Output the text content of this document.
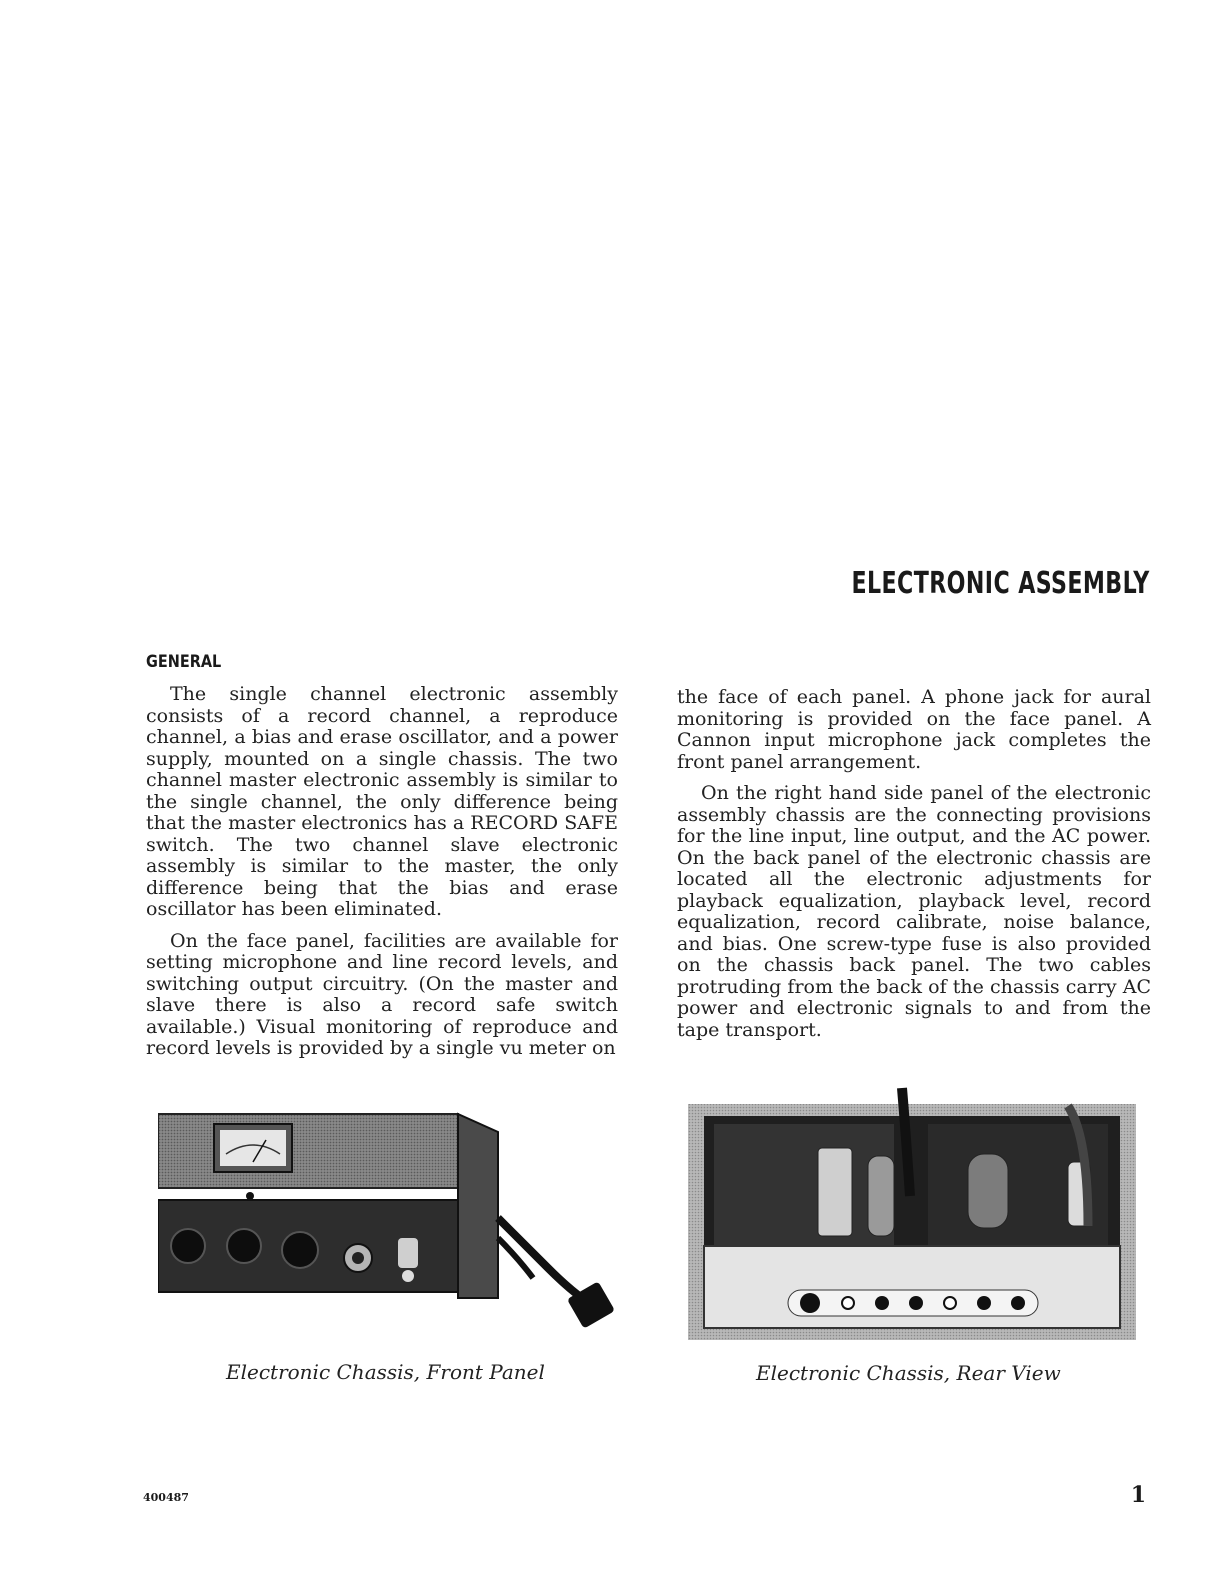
ELECTRONIC ASSEMBLY
GENERAL

The single channel electronic assembly consists of a record channel, a reproduce channel, a bias and erase oscillator, and a power supply, mounted on a single chassis. The two channel master electronic assembly is similar to the single channel, the only difference being that the master electronics has a RECORD SAFE switch. The two channel slave electronic assembly is similar to the master, the only difference being that the bias and erase oscillator has been eliminated.

On the face panel, facilities are available for setting microphone and line record levels, and switching output circuitry. (On the master and slave there is also a record safe switch available.) Visual monitoring of reproduce and record levels is provided by a single vu meter on

the face of each panel. A phone jack for aural monitoring is provided on the face panel. A Cannon input microphone jack completes the front panel arrangement.

On the right hand side panel of the electronic assembly chassis are the connecting provisions for the line input, line output, and the AC power. On the back panel of the electronic chassis are located all the electronic adjustments for playback equalization, playback level, record equalization, record calibrate, noise balance, and bias. One screw-type fuse is also provided on the chassis back panel. The two cables protruding from the back of the chassis carry AC power and electronic signals to and from the tape transport.

Electronic Chassis, Front Panel	Electronic Chassis, Rear View
400487	1
